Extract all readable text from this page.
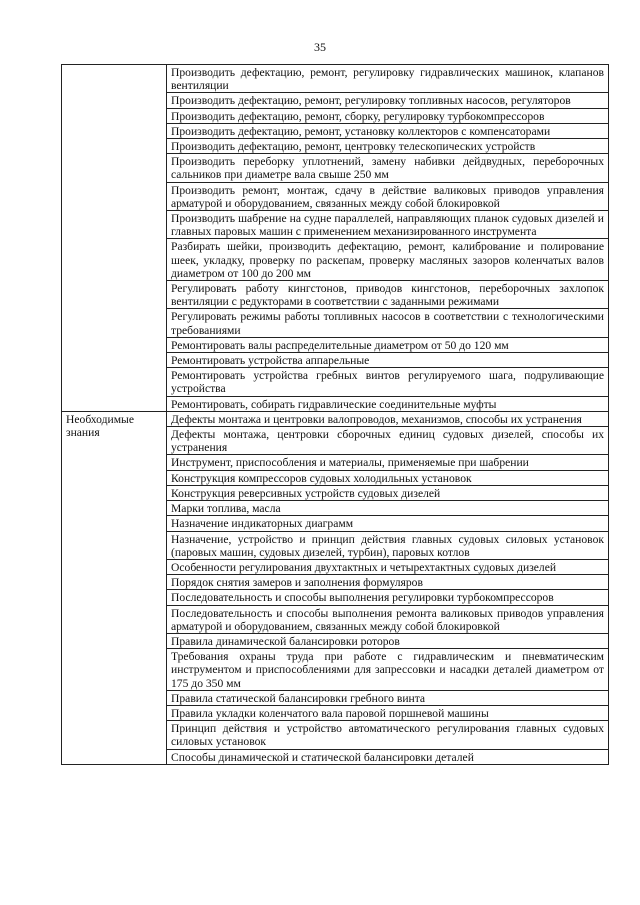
35
	Производить дефектацию, ремонт, регулировку гидравлических машинок, клапанов вентиляции
	Производить дефектацию, ремонт, регулировку топливных насосов, регуляторов
	Производить дефектацию, ремонт, сборку, регулировку турбокомпрессоров
	Производить дефектацию, ремонт, установку коллекторов с компенсаторами
	Производить дефектацию, ремонт, центровку телескопических устройств
	Производить переборку уплотнений, замену набивки дейдвудных, переборочных сальников при диаметре вала свыше 250 мм
	Производить ремонт, монтаж, сдачу в действие валиковых приводов управления арматурой и оборудованием, связанных между собой блокировкой
	Производить шабрение на судне параллелей, направляющих планок судовых дизелей и главных паровых машин с применением механизированного инструмента
	Разбирать шейки, производить дефектацию, ремонт, калибрование и полирование шеек, укладку, проверку по раскепам, проверку масляных зазоров коленчатых валов диаметром от 100 до 200 мм
	Регулировать работу кингстонов, приводов кингстонов, переборочных захлопок вентиляции с редукторами в соответствии с заданными режимами
	Регулировать режимы работы топливных насосов в соответствии с технологическими требованиями
	Ремонтировать валы распределительные диаметром от 50 до 120 мм
	Ремонтировать устройства аппарельные
	Ремонтировать устройства гребных винтов регулируемого шага, подруливающие устройства
	Ремонтировать, собирать гидравлические соединительные муфты
Необходимые знания	Дефекты монтажа и центровки валопроводов, механизмов, способы их устранения
	Дефекты монтажа, центровки сборочных единиц судовых дизелей, способы их устранения
	Инструмент, приспособления и материалы, применяемые при шабрении
	Конструкция компрессоров судовых холодильных установок
	Конструкция реверсивных устройств судовых дизелей
	Марки топлива, масла
	Назначение индикаторных диаграмм
	Назначение, устройство и принцип действия главных судовых силовых установок (паровых машин, судовых дизелей, турбин), паровых котлов
	Особенности регулирования двухтактных и четырехтактных судовых дизелей
	Порядок снятия замеров и заполнения формуляров
	Последовательность и способы выполнения регулировки турбокомпрессоров
	Последовательность и способы выполнения ремонта валиковых приводов управления арматурой и оборудованием, связанных между собой блокировкой
	Правила динамической балансировки роторов
	Требования охраны труда при работе с гидравлическим и пневматическим инструментом и приспособлениями для запрессовки и насадки деталей диаметром от 175 до 350 мм
	Правила статической балансировки гребного винта
	Правила укладки коленчатого вала паровой поршневой машины
	Принцип действия и устройство автоматического регулирования главных судовых силовых установок
	Способы динамической и статической балансировки деталей
